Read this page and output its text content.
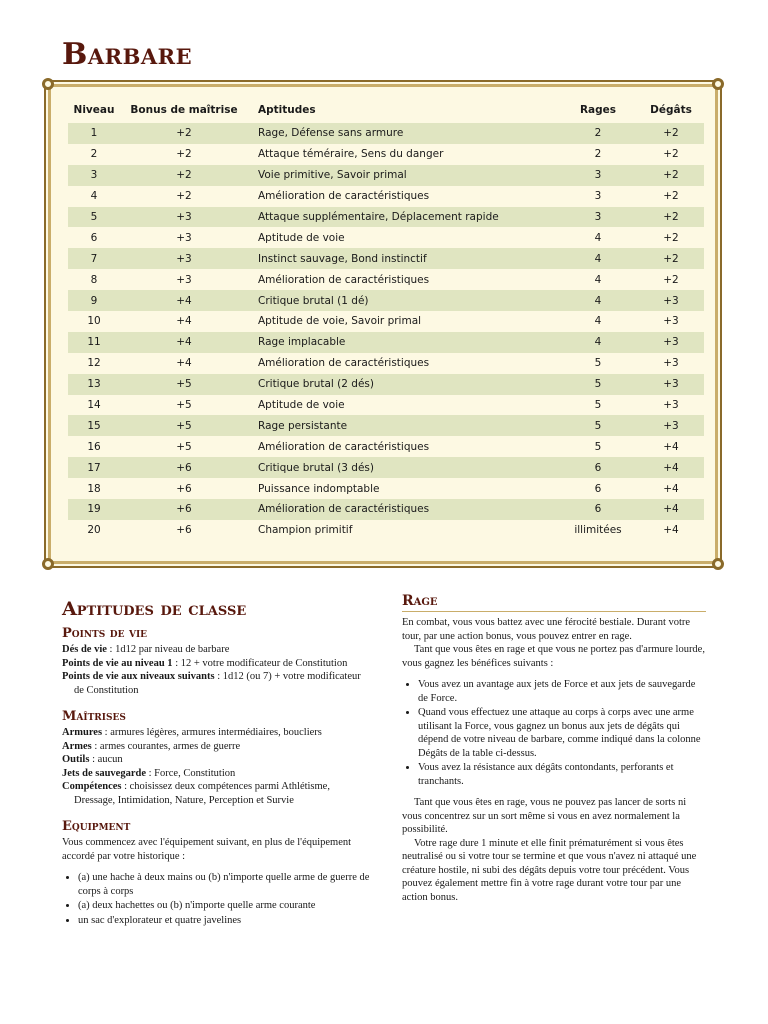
Barbare
Niveau	Bonus de maîtrise	Aptitudes	Rages	Dégâts
1	+2	Rage, Défense sans armure	2	+2
2	+2	Attaque téméraire, Sens du danger	2	+2
3	+2	Voie primitive, Savoir primal	3	+2
4	+2	Amélioration de caractéristiques	3	+2
5	+3	Attaque supplémentaire, Déplacement rapide	3	+2
6	+3	Aptitude de voie	4	+2
7	+3	Instinct sauvage, Bond instinctif	4	+2
8	+3	Amélioration de caractéristiques	4	+2
9	+4	Critique brutal (1 dé)	4	+3
10	+4	Aptitude de voie, Savoir primal	4	+3
11	+4	Rage implacable	4	+3
12	+4	Amélioration de caractéristiques	5	+3
13	+5	Critique brutal (2 dés)	5	+3
14	+5	Aptitude de voie	5	+3
15	+5	Rage persistante	5	+3
16	+5	Amélioration de caractéristiques	5	+4
17	+6	Critique brutal (3 dés)	6	+4
18	+6	Puissance indomptable	6	+4
19	+6	Amélioration de caractéristiques	6	+4
20	+6	Champion primitif	illimitées	+4
Aptitudes de classe
Points de vie

Dés de vie : 1d12 par niveau de barbare

Points de vie au niveau 1 : 12 + votre modificateur de Constitution

Points de vie aux niveaux suivants : 1d12 (ou 7) + votre modificateur de Constitution

Maîtrises

Armures : armures légères, armures intermédiaires, boucliers

Armes : armes courantes, armes de guerre

Outils : aucun

Jets de sauvegarde : Force, Constitution

Compétences : choisissez deux compétences parmi Athlétisme, Dressage, Intimidation, Nature, Perception et Survie

Equipment

Vous commencez avec l'équipement suivant, en plus de l'équipement accordé par votre historique :

• (a) une hache à deux mains ou (b) n'importe quelle arme de guerre de corps à corps
• (a) deux hachettes ou (b) n'importe quelle arme courante
• un sac d'explorateur et quatre javelines
Rage

En combat, vous vous battez avec une férocité bestiale. Durant votre tour, par une action bonus, vous pouvez entrer en rage.

Tant que vous êtes en rage et que vous ne portez pas d'armure lourde, vous gagnez les bénéfices suivants :

• Vous avez un avantage aux jets de Force et aux jets de sauvegarde de Force.
• Quand vous effectuez une attaque au corps à corps avec une arme utilisant la Force, vous gagnez un bonus aux jets de dégâts qui dépend de votre niveau de barbare, comme indiqué dans la colonne Dégâts de la table ci-dessus.
• Vous avez la résistance aux dégâts contondants, perforants et tranchants.

Tant que vous êtes en rage, vous ne pouvez pas lancer de sorts ni vous concentrez sur un sort même si vous en avez normalement la possibilité.

Votre rage dure 1 minute et elle finit prématurément si vous êtes neutralisé ou si votre tour se termine et que vous n'avez ni attaqué une créature hostile, ni subi des dégâts depuis votre tour précédent. Vous pouvez également mettre fin à votre rage durant votre tour par une action bonus.
